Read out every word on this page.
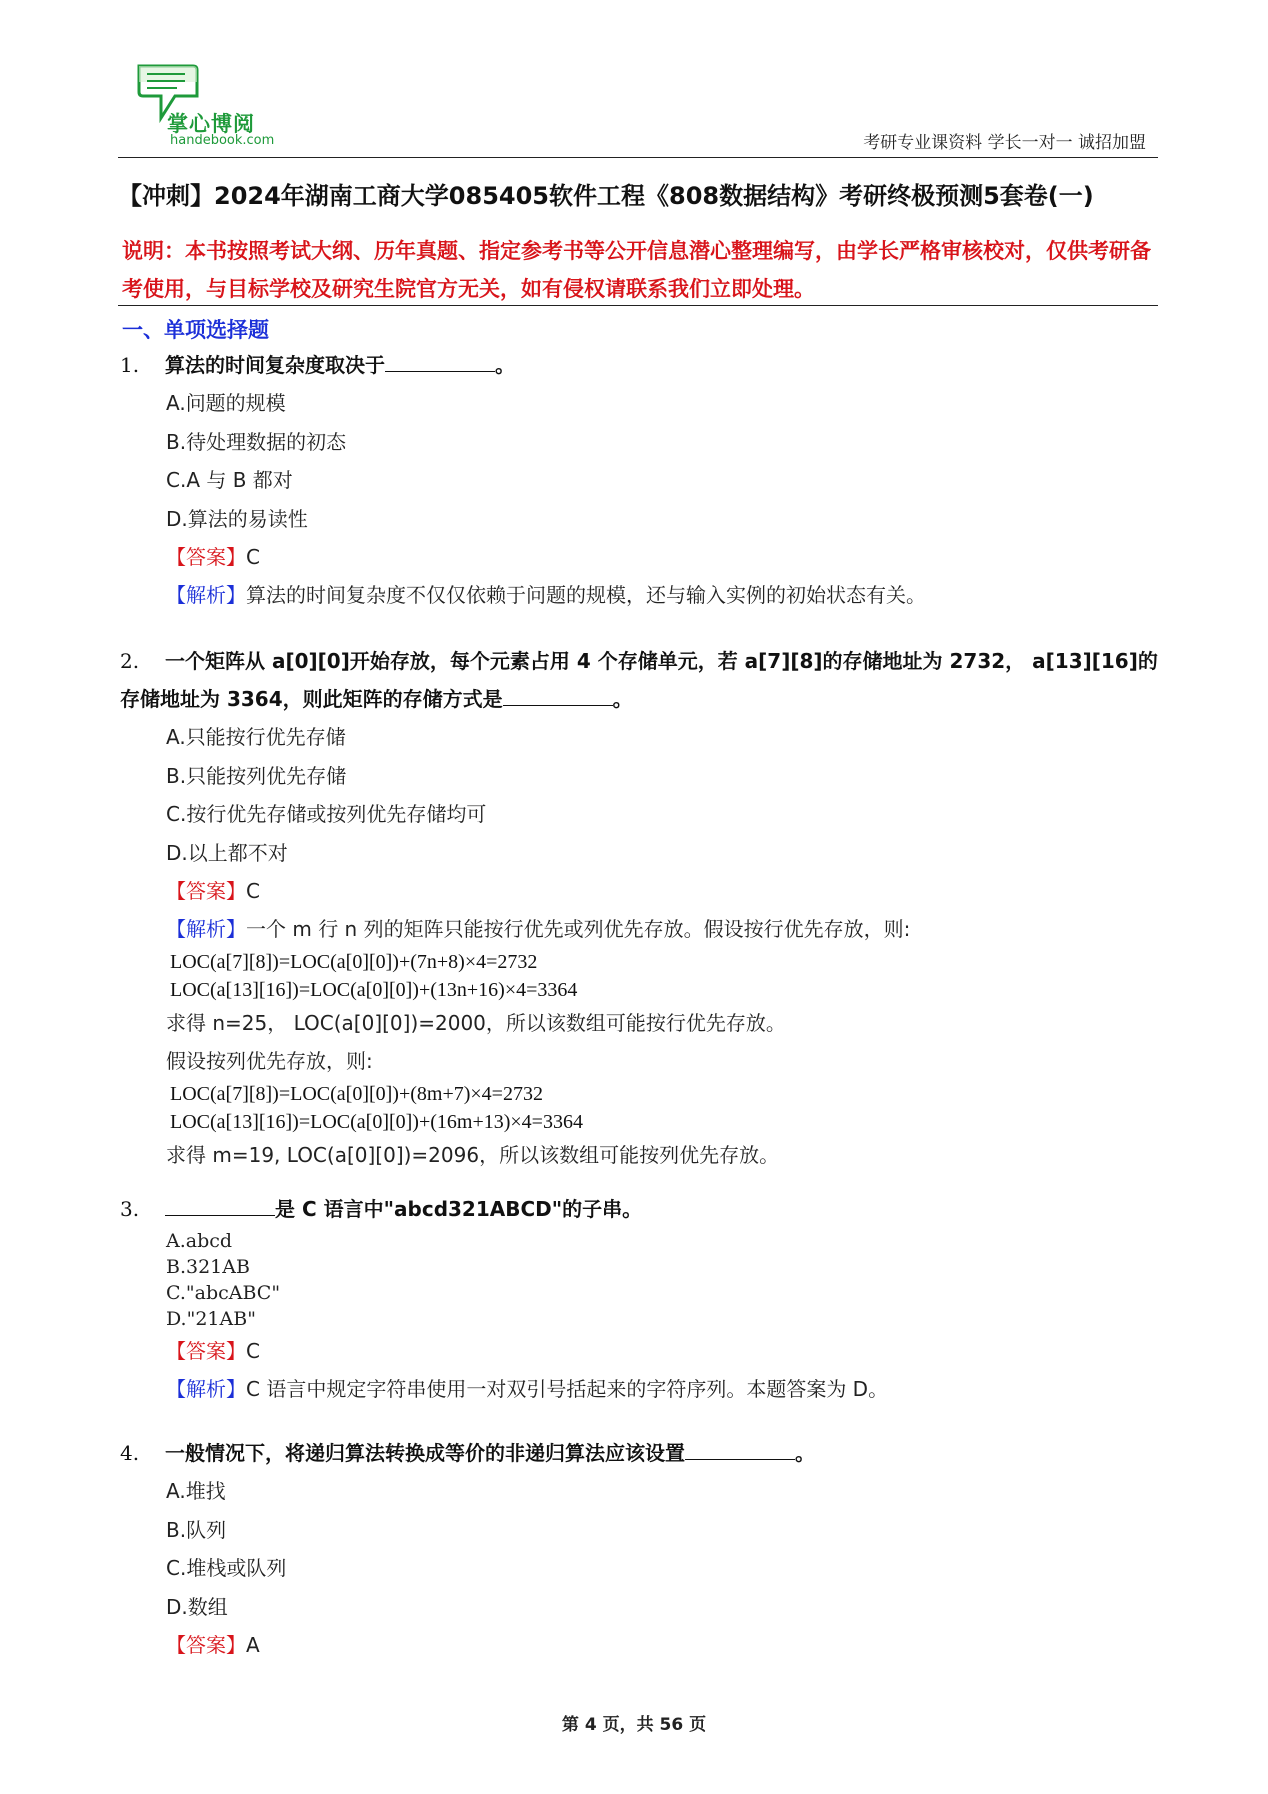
掌心博阅
handebook.com	考研专业课资料 学长一对一 诚招加盟
【冲刺】2024年湖南工商大学085405软件工程《808数据结构》考研终极预测5套卷(一)
说明：本书按照考试大纲、历年真题、指定参考书等公开信息潜心整理编写，由学长严格审核校对，仅供考研备考使用，与目标学校及研究生院官方无关，如有侵权请联系我们立即处理。
一、单项选择题
1. 算法的时间复杂度取决于	。
A.问题的规模
B.待处理数据的初态
C.A 与 B 都对
D.算法的易读性
【答案】C
【解析】算法的时间复杂度不仅仅依赖于问题的规模，还与输入实例的初始状态有关。
2. 一个矩阵从 a[0][0]开始存放，每个元素占用 4 个存储单元，若 a[7][8]的存储地址为 2732， a[13][16]的存储地址为 3364，则此矩阵的存储方式是	。
A.只能按行优先存储
B.只能按列优先存储
C.按行优先存储或按列优先存储均可
D.以上都不对
【答案】C
【解析】一个 m 行 n 列的矩阵只能按行优先或列优先存放。假设按行优先存放，则:
LOC(a[7][8])=LOC(a[0][0])+(7n+8)×4=2732
LOC(a[13][16])=LOC(a[0][0])+(13n+16)×4=3364
求得 n=25， LOC(a[0][0])=2000，所以该数组可能按行优先存放。
假设按列优先存放，则:
LOC(a[7][8])=LOC(a[0][0])+(8m+7)×4=2732
LOC(a[13][16])=LOC(a[0][0])+(16m+13)×4=3364
求得 m=19, LOC(a[0][0])=2096，所以该数组可能按列优先存放。
3.	是 C 语言中"abcd321ABCD"的子串。
A.abcd
B.321AB
C."abcABC"
D."21AB"
【答案】C
【解析】C 语言中规定字符串使用一对双引号括起来的字符序列。本题答案为 D。
4. 一般情况下，将递归算法转换成等价的非递归算法应该设置	。
A.堆找
B.队列
C.堆栈或队列
D.数组
【答案】A
第 4 页，共 56 页
